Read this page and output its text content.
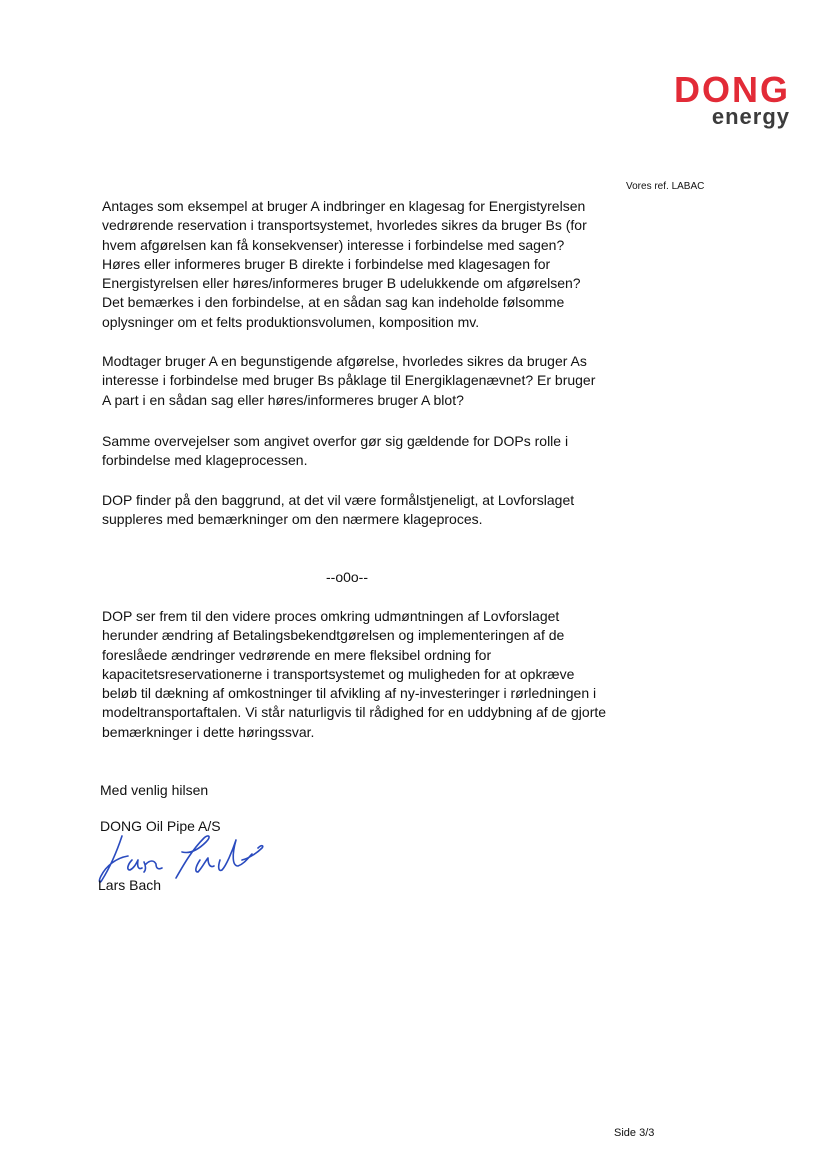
DONG
energy
Vores ref. LABAC

Antages som eksempel at bruger A indbringer en klagesag for Energistyrelsen vedrørende reservation i transportsystemet, hvorledes sikres da bruger Bs (for hvem afgørelsen kan få konsekvenser) interesse i forbindelse med sagen? Høres eller informeres bruger B direkte i forbindelse med klagesagen for Energistyrelsen eller høres/informeres bruger B udelukkende om afgørelsen? Det bemærkes i den forbindelse, at en sådan sag kan indeholde følsomme oplysninger om et felts produktionsvolumen, komposition mv.

Modtager bruger A en begunstigende afgørelse, hvorledes sikres da bruger As interesse i forbindelse med bruger Bs påklage til Energiklagenævnet? Er bruger A part i en sådan sag eller høres/informeres bruger A blot?

Samme overvejelser som angivet overfor gør sig gældende for DOPs rolle i forbindelse med klageprocessen.

DOP finder på den baggrund, at det vil være formålstjeneligt, at Lovforslaget suppleres med bemærkninger om den nærmere klageproces.

--o0o--

DOP ser frem til den videre proces omkring udmøntningen af Lovforslaget herunder ændring af Betalingsbekendtgørelsen og implementeringen af de foreslåede ændringer vedrørende en mere fleksibel ordning for kapacitetsreservationerne i transportsystemet og muligheden for at opkræve beløb til dækning af omkostninger til afvikling af ny-investeringer i rørledningen i modeltransportaftalen. Vi står naturligvis til rådighed for en uddybning af de gjorte bemærkninger i dette høringssvar.

Med venlig hilsen
DONG Oil Pipe A/S
Lars Bach
Side 3/3
